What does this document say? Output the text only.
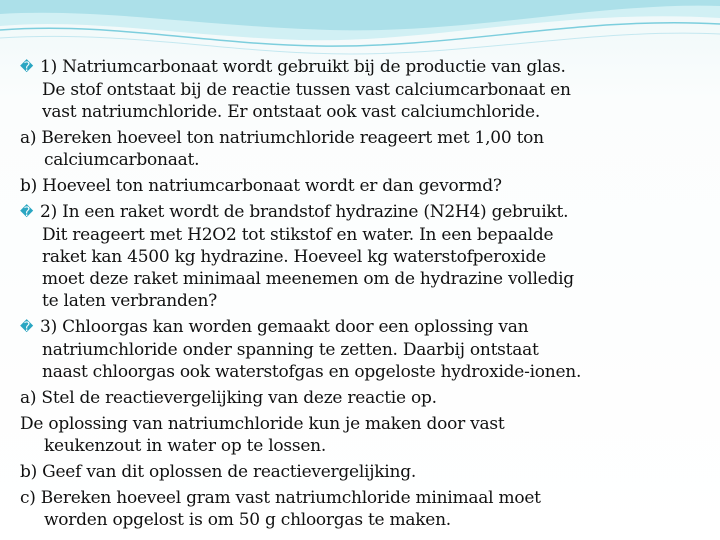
� 1) Natriumcarbonaat wordt gebruikt bij de productie van glas.
De stof ontstaat bij de reactie tussen vast calciumcarbonaat en
vast natriumchloride. Er ontstaat ook vast calciumchloride.

a) Bereken hoeveel ton natriumchloride reageert met 1,00 ton
calciumcarbonaat.

b) Hoeveel ton natriumcarbonaat wordt er dan gevormd?

� 2) In een raket wordt de brandstof hydrazine (N2H4) gebruikt.
Dit reageert met H2O2 tot stikstof en water. In een bepaalde
raket kan 4500 kg hydrazine. Hoeveel kg waterstofperoxide
moet deze raket minimaal meenemen om de hydrazine volledig
te laten verbranden?

� 3) Chloorgas kan worden gemaakt door een oplossing van
natriumchloride onder spanning te zetten. Daarbij ontstaat
naast chloorgas ook waterstofgas en opgeloste hydroxide-ionen.

a) Stel de reactievergelijking van deze reactie op.

De oplossing van natriumchloride kun je maken door vast
keukenzout in water op te lossen.

b) Geef van dit oplossen de reactievergelijking.

c) Bereken hoeveel gram vast natriumchloride minimaal moet
worden opgelost is om 50 g chloorgas te maken.
